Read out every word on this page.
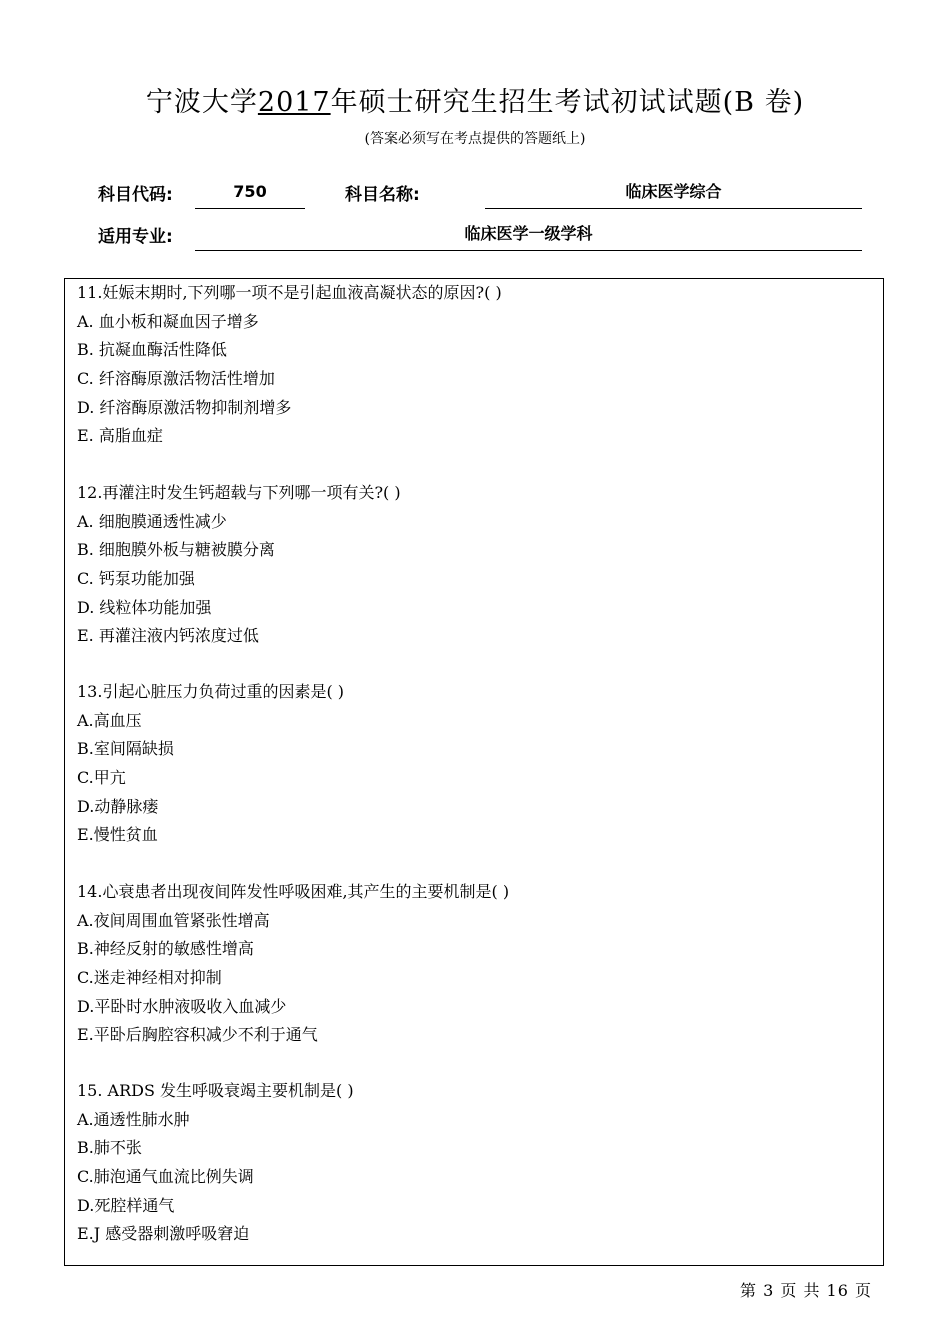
宁波大学2017年硕士研究生招生考试初试试题(B 卷)
(答案必须写在考点提供的答题纸上)
科目代码:	750	科目名称:	临床医学综合
适用专业:	临床医学一级学科
11.妊娠末期时,下列哪一项不是引起血液高凝状态的原因?( )
A. 血小板和凝血因子增多
B. 抗凝血酶活性降低
C. 纤溶酶原激活物活性增加
D. 纤溶酶原激活物抑制剂增多
E. 高脂血症
12.再灌注时发生钙超载与下列哪一项有关?( )
A. 细胞膜通透性减少
B. 细胞膜外板与糖被膜分离
C. 钙泵功能加强
D. 线粒体功能加强
E. 再灌注液内钙浓度过低
13.引起心脏压力负荷过重的因素是( )
A.高血压
B.室间隔缺损
C.甲亢
D.动静脉瘘
E.慢性贫血
14.心衰患者出现夜间阵发性呼吸困难,其产生的主要机制是( )
A.夜间周围血管紧张性增高
B.神经反射的敏感性增高
C.迷走神经相对抑制
D.平卧时水肿液吸收入血减少
E.平卧后胸腔容积减少不利于通气
15. ARDS 发生呼吸衰竭主要机制是( )
A.通透性肺水肿
B.肺不张
C.肺泡通气血流比例失调
D.死腔样通气
E.J 感受器刺激呼吸窘迫
第 3 页 共 16 页
